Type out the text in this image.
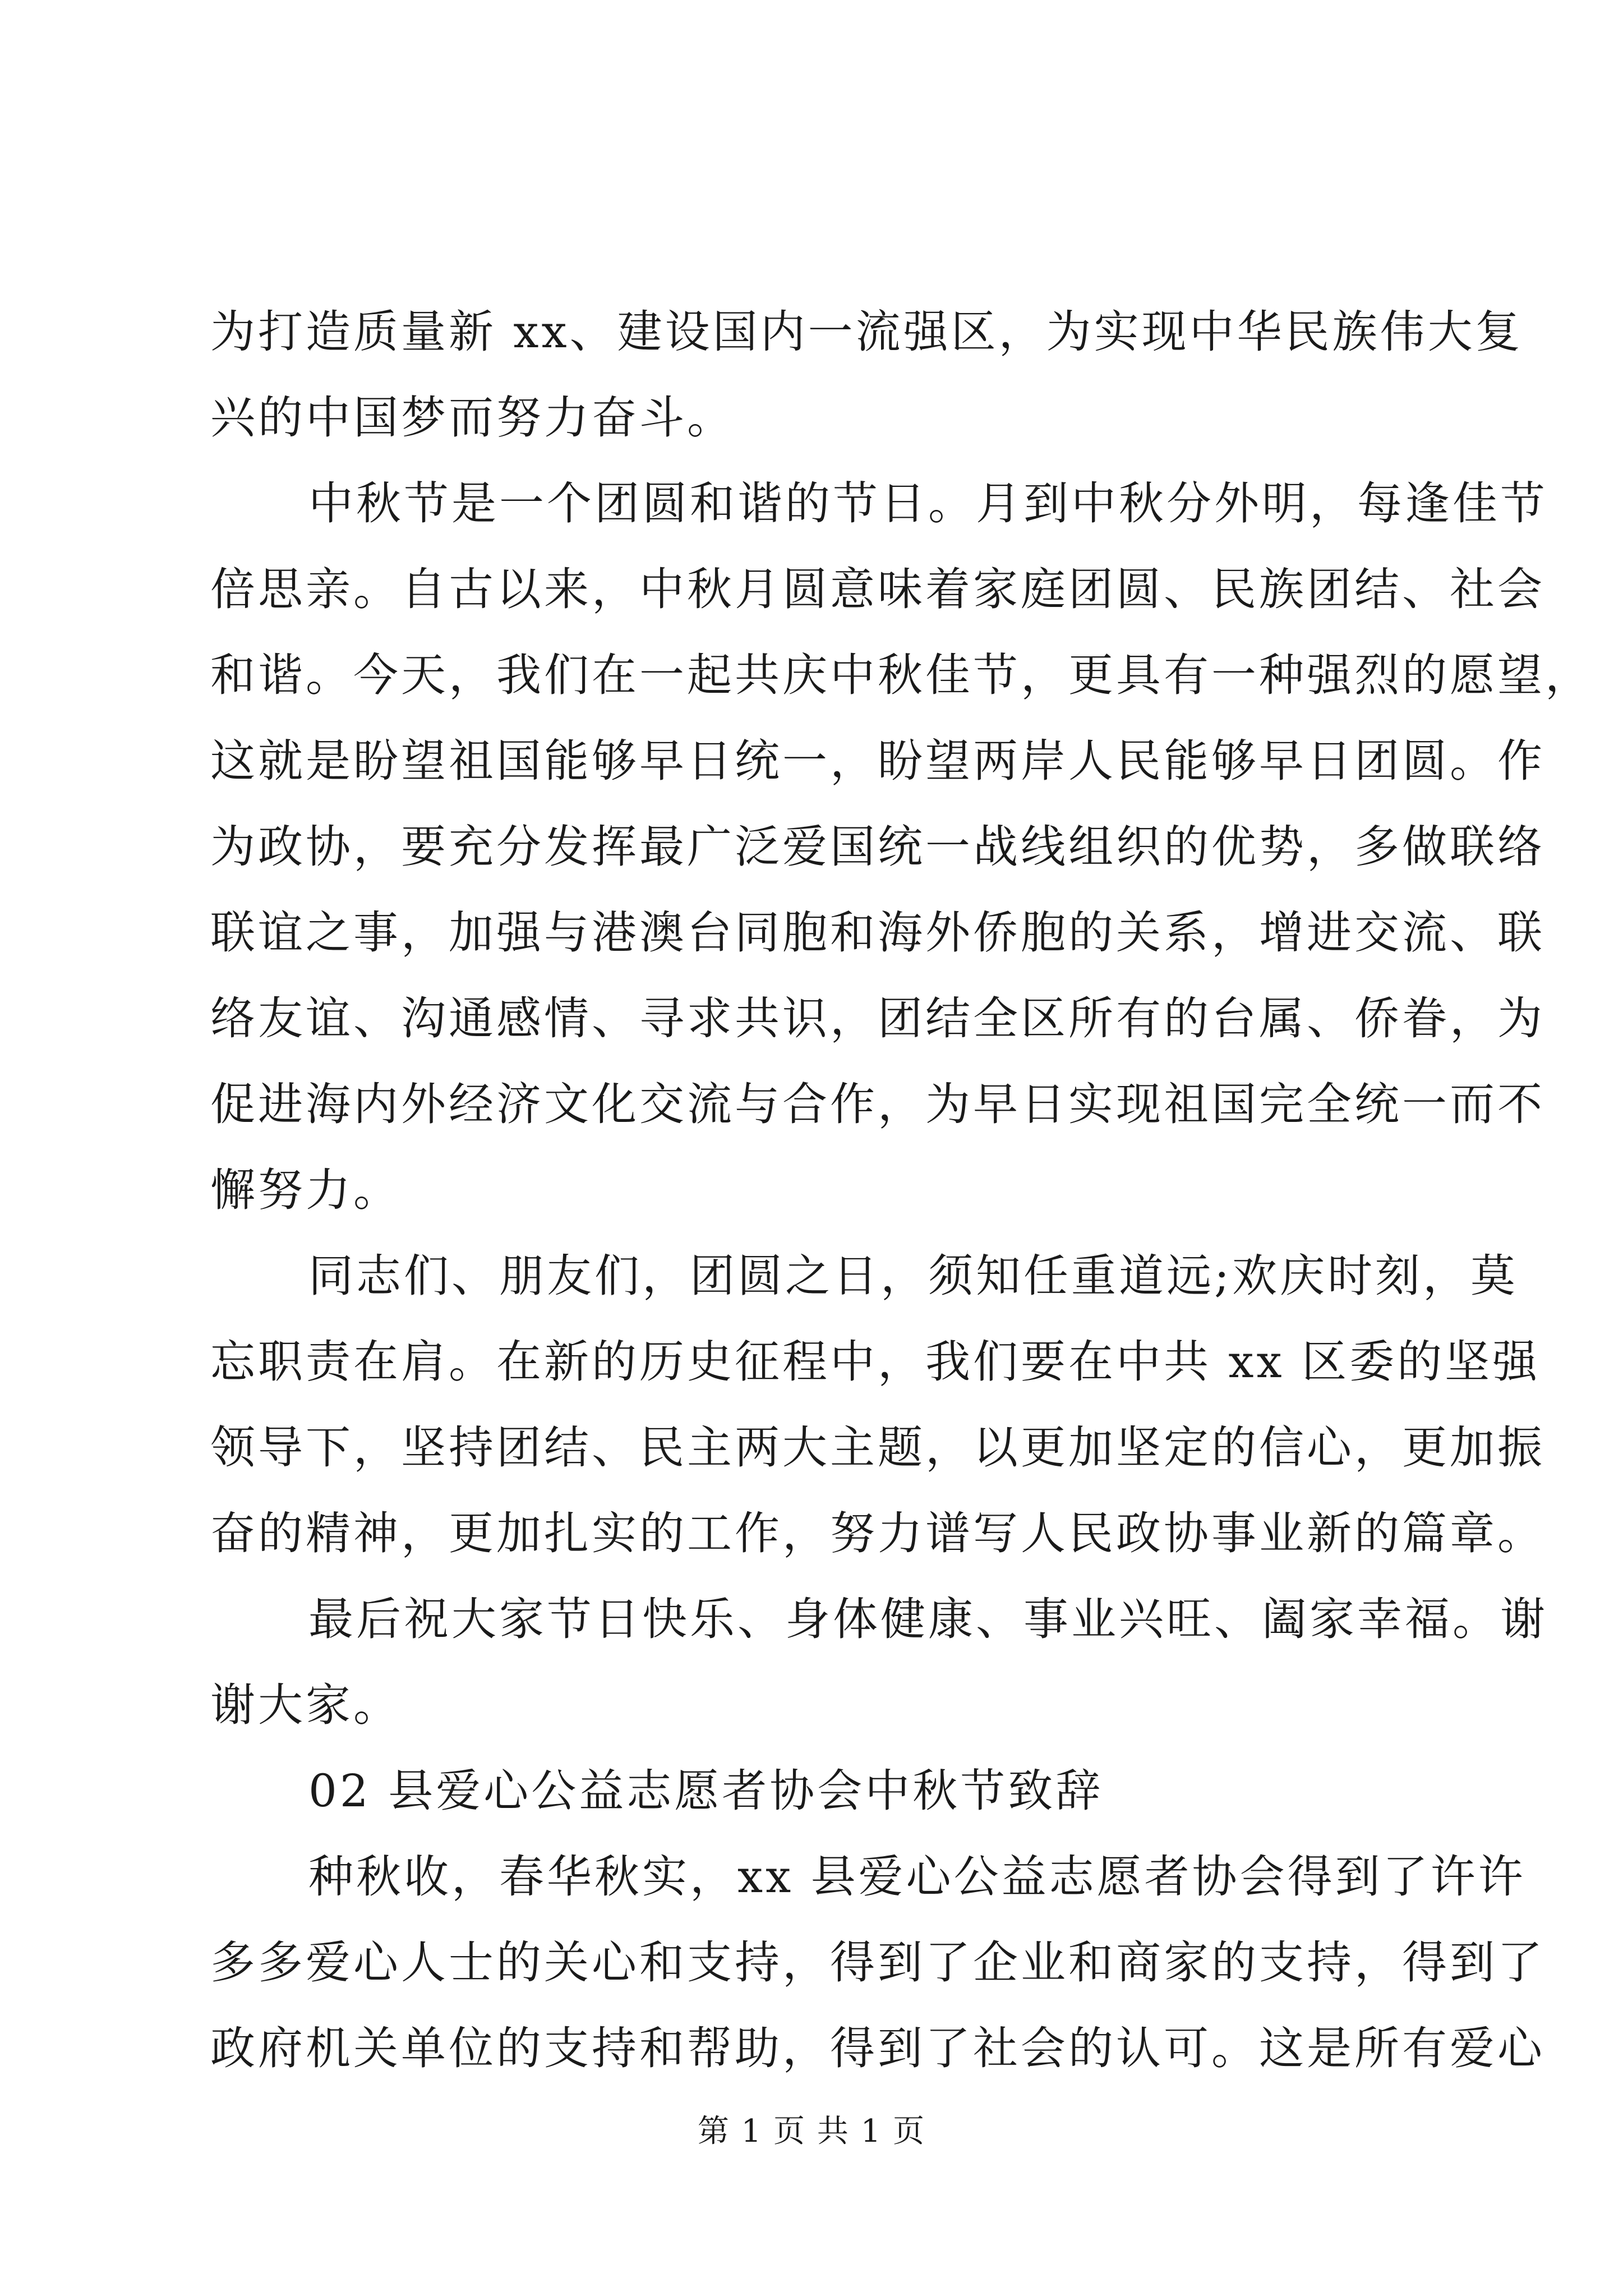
为打造质量新 xx、建设国内一流强区，为实现中华民族伟大复
兴的中国梦而努力奋斗。
中秋节是一个团圆和谐的节日。月到中秋分外明，每逢佳节
倍思亲。自古以来，中秋月圆意味着家庭团圆、民族团结、社会
和谐。今天，我们在一起共庆中秋佳节，更具有一种强烈的愿望，
这就是盼望祖国能够早日统一，盼望两岸人民能够早日团圆。作
为政协，要充分发挥最广泛爱国统一战线组织的优势，多做联络
联谊之事，加强与港澳台同胞和海外侨胞的关系，增进交流、联
络友谊、沟通感情、寻求共识，团结全区所有的台属、侨眷，为
促进海内外经济文化交流与合作，为早日实现祖国完全统一而不
懈努力。
同志们、朋友们，团圆之日，须知任重道远;欢庆时刻，莫
忘职责在肩。在新的历史征程中，我们要在中共 xx 区委的坚强
领导下，坚持团结、民主两大主题，以更加坚定的信心，更加振
奋的精神，更加扎实的工作，努力谱写人民政协事业新的篇章。
最后祝大家节日快乐、身体健康、事业兴旺、阖家幸福。谢
谢大家。
02 县爱心公益志愿者协会中秋节致辞
种秋收，春华秋实，xx 县爱心公益志愿者协会得到了许许
多多爱心人士的关心和支持，得到了企业和商家的支持，得到了
政府机关单位的支持和帮助，得到了社会的认可。这是所有爱心
第 1 页 共 1 页
